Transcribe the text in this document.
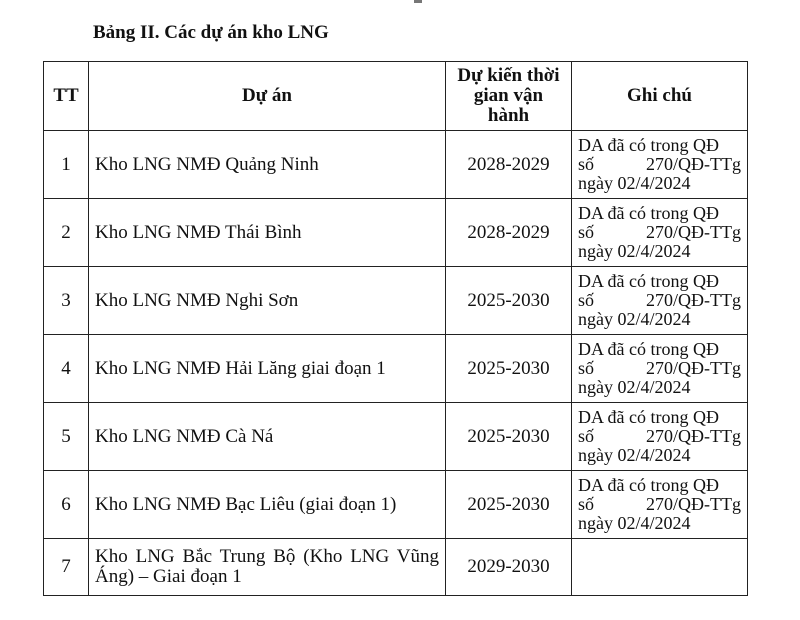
Bảng II. Các dự án kho LNG
TT	Dự án	Dự kiến thời gian vận hành	Ghi chú
1	Kho LNG NMĐ Quảng Ninh	2028-2029	DA đã có trong QĐ
số 270/QĐ-TTg
ngày 02/4/2024

2	Kho LNG NMĐ Thái Bình	2028-2029	DA đã có trong QĐ
số 270/QĐ-TTg
ngày 02/4/2024

3	Kho LNG NMĐ Nghi Sơn	2025-2030	DA đã có trong QĐ
số 270/QĐ-TTg
ngày 02/4/2024

4	Kho LNG NMĐ Hải Lăng giai đoạn 1	2025-2030	DA đã có trong QĐ
số 270/QĐ-TTg
ngày 02/4/2024

5	Kho LNG NMĐ Cà Ná	2025-2030	DA đã có trong QĐ
số 270/QĐ-TTg
ngày 02/4/2024

6	Kho LNG NMĐ Bạc Liêu (giai đoạn 1)	2025-2030	DA đã có trong QĐ
số 270/QĐ-TTg
ngày 02/4/2024

7	Kho LNG Bắc Trung Bộ (Kho LNG Vũng Áng) – Giai đoạn 1	2029-2030	
